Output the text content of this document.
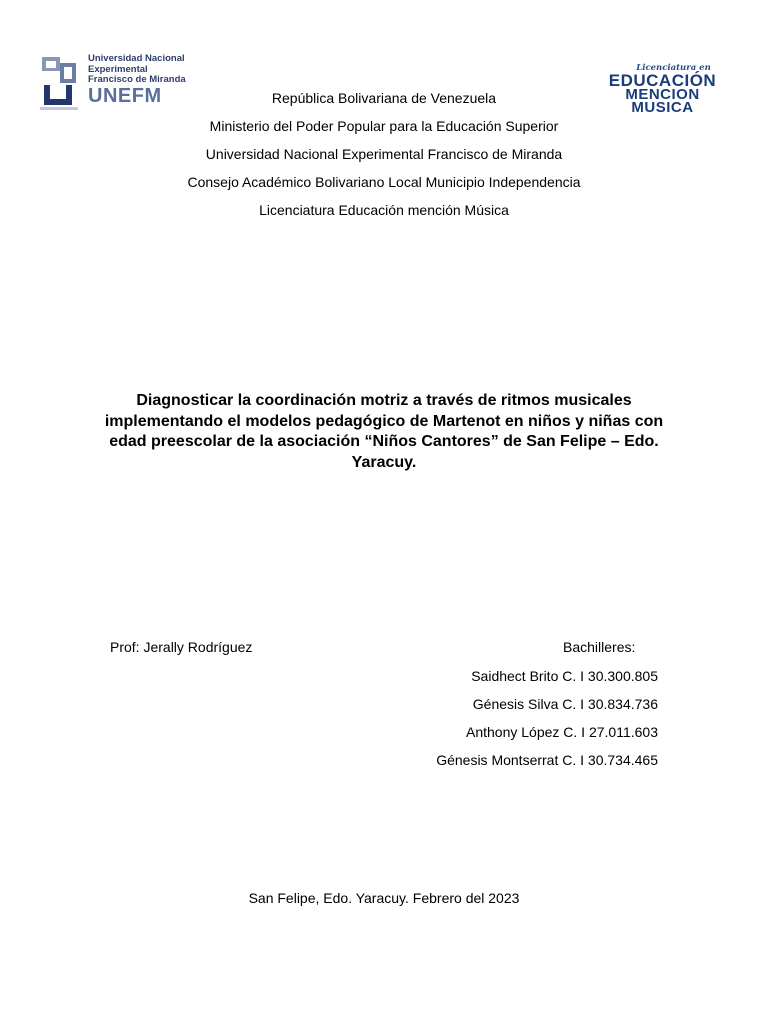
Universidad Nacional
Experimental
Francisco de Miranda
UNEFM
Licenciatura en
EDUCACIÓN
MENCION
MUSICA
República Bolivariana de Venezuela
Ministerio del Poder Popular para la Educación Superior
Universidad Nacional Experimental Francisco de Miranda
Consejo Académico Bolivariano Local Municipio Independencia
Licenciatura Educación mención Música
Diagnosticar la coordinación motriz a través de ritmos musicales implementando el modelos pedagógico de Martenot en niños y niñas con edad preescolar de la asociación “Niños Cantores” de San Felipe – Edo. Yaracuy.
Prof: Jerally Rodríguez	Bachilleres:
Saidhect Brito C. I 30.300.805
Génesis Silva C. I 30.834.736
Anthony López C. I 27.011.603
Génesis Montserrat C. I 30.734.465
San Felipe, Edo. Yaracuy. Febrero del 2023
